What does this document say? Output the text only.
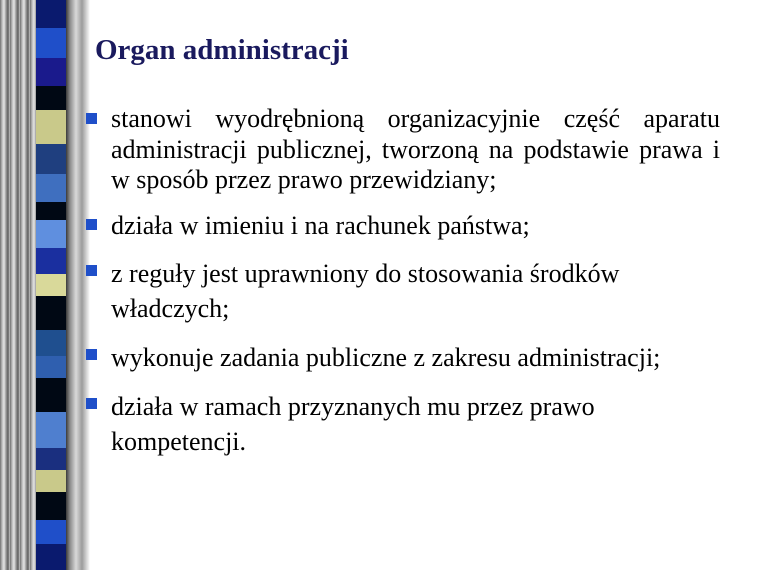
Organ administracji
stanowi wyodrębnioną organizacyjnie część aparatu administracji publicznej, tworzoną na podstawie prawa i w sposób przez prawo przewidziany;
działa w imieniu i na rachunek państwa;
z reguły jest uprawniony do stosowania środków władczych;
wykonuje zadania publiczne z zakresu administracji;
działa w ramach przyznanych mu przez prawo kompetencji.
